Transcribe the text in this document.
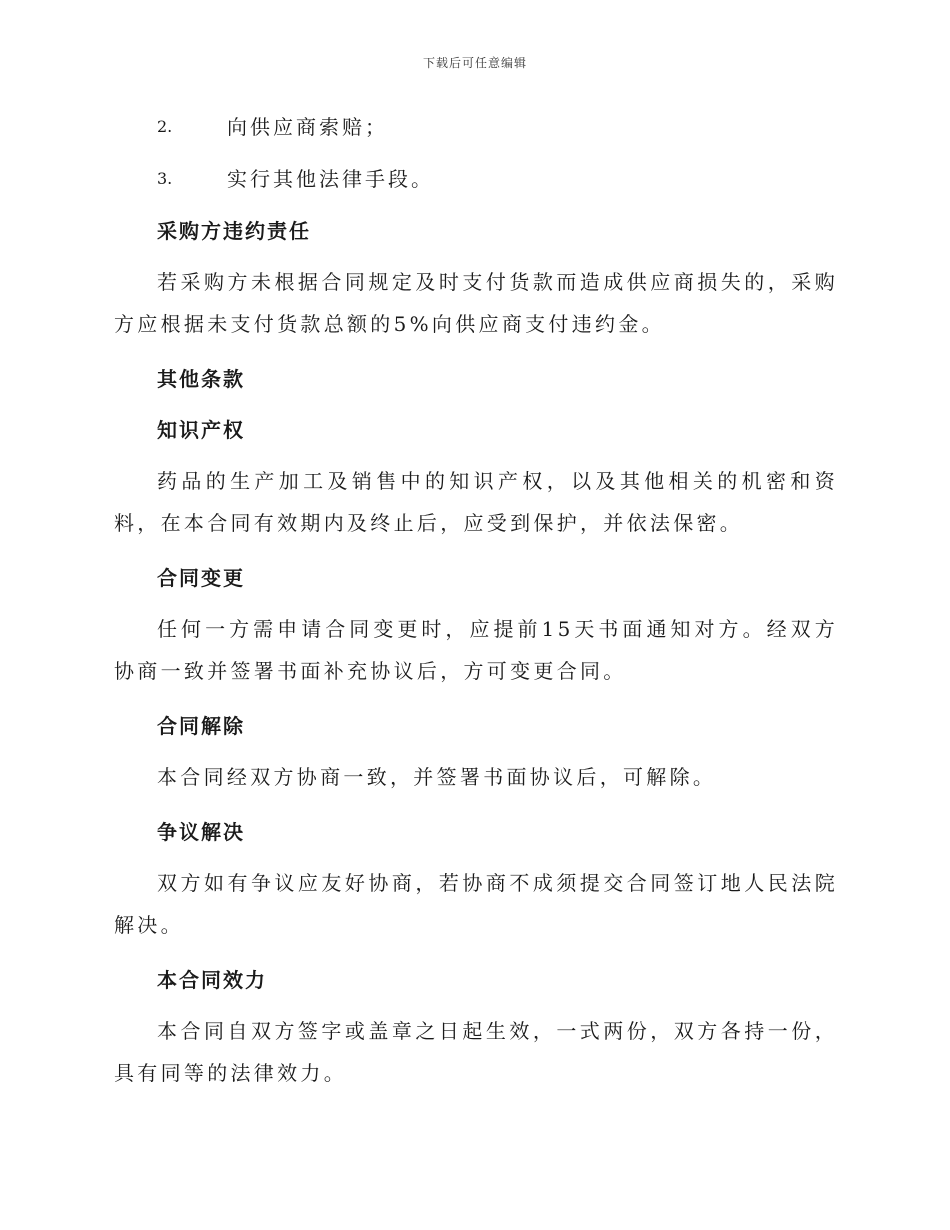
下载后可任意编辑
2.	向供应商索赔；
3.	实行其他法律手段。
采购方违约责任
若采购方未根据合同规定及时支付货款而造成供应商损失的，采购方应根据未支付货款总额的5%向供应商支付违约金。
其他条款
知识产权
药品的生产加工及销售中的知识产权，以及其他相关的机密和资料，在本合同有效期内及终止后，应受到保护，并依法保密。
合同变更
任何一方需申请合同变更时，应提前15天书面通知对方。经双方协商一致并签署书面补充协议后，方可变更合同。
合同解除
本合同经双方协商一致，并签署书面协议后，可解除。
争议解决
双方如有争议应友好协商，若协商不成须提交合同签订地人民法院解决。
本合同效力
本合同自双方签字或盖章之日起生效，一式两份，双方各持一份，具有同等的法律效力。
